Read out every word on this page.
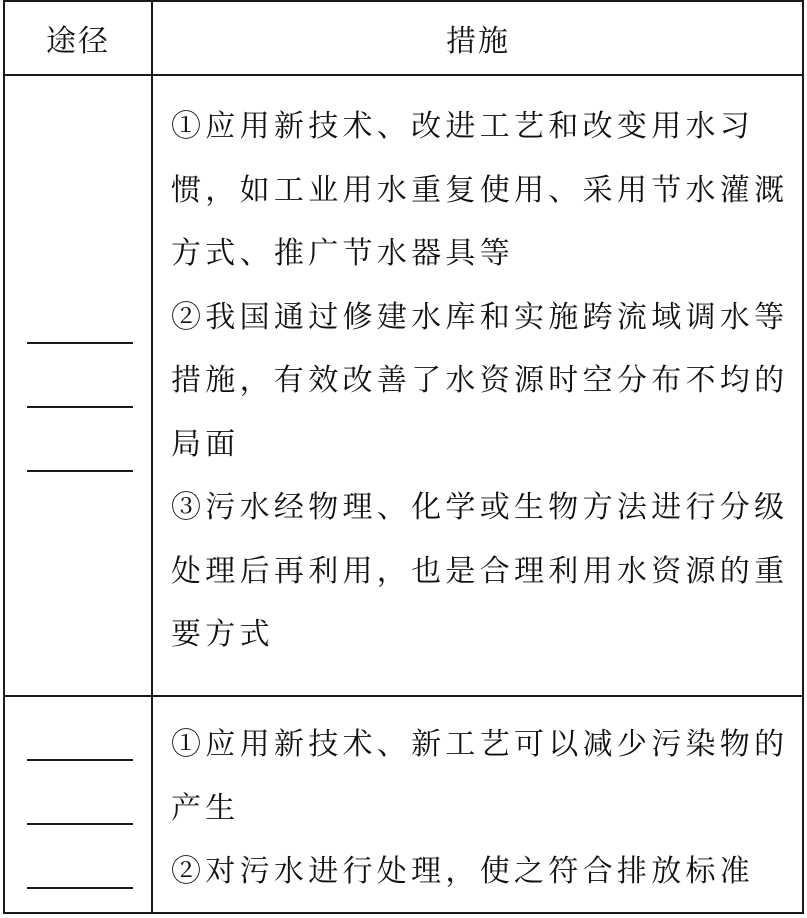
途径	措施

①应用新技术、改进工艺和改变用水习惯，如工业用水重复使用、采用节水灌溉方式、推广节水器具等

②我国通过修建水库和实施跨流域调水等措施，有效改善了水资源时空分布不均的局面

③污水经物理、化学或生物方法进行分级处理后再利用，也是合理利用水资源的重要方式

①应用新技术、新工艺可以减少污染物的产生

②对污水进行处理，使之符合排放标准
